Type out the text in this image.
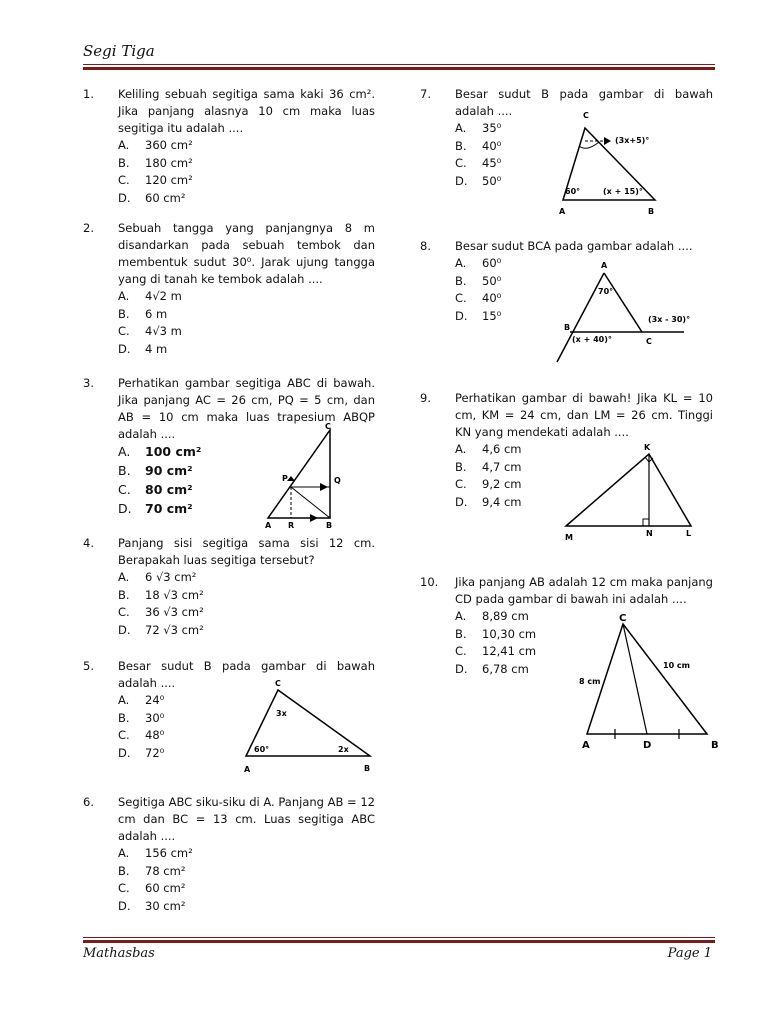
Segi Tiga
1. Keliling sebuah segitiga sama kaki 36 cm². Jika panjang alasnya 10 cm maka luas segitiga itu adalah ....
A. 360 cm²
B. 180 cm²
C. 120 cm²
D. 60 cm²
2. Sebuah tangga yang panjangnya 8 m disandarkan pada sebuah tembok dan membentuk sudut 30⁰. Jarak ujung tangga yang di tanah ke tembok adalah ....
A. 4√2 m
B. 6 m
C. 4√3 m
D. 4 m
3. Perhatikan gambar segitiga ABC di bawah. Jika panjang AC = 26 cm, PQ = 5 cm, dan AB = 10 cm maka luas trapesium ABQP adalah ....
A. 100 cm²
B. 90 cm²
C. 80 cm²
D. 70 cm²
A R	B
C
P	Q
4. Panjang sisi segitiga sama sisi 12 cm. Berapakah luas segitiga tersebut?
A. 6 √3 cm²
B. 18 √3 cm²
C. 36 √3 cm²
D. 72 √3 cm²
5. Besar sudut B pada gambar di bawah adalah ....
A. 24⁰
B. 30⁰
C. 48⁰
D. 72⁰
C
A	B
3x
60°	2x
6. Segitiga ABC siku-siku di A. Panjang AB = 12 cm dan BC = 13 cm. Luas segitiga ABC adalah ....
A. 156 cm²
B. 78 cm²
C. 60 cm²
D. 30 cm²
7. Besar sudut B pada gambar di bawah adalah ....
A. 35⁰
B. 40⁰
C. 45⁰
D. 50⁰
C
A	B
(3x+5)°
60°	(x + 15)°
8. Besar sudut BCA pada gambar adalah ....
A. 60⁰
B. 50⁰
C. 40⁰
D. 15⁰
A
B
C
70°
(x + 40)°
(3x - 30)°
9. Perhatikan gambar di bawah! Jika KL = 10 cm, KM = 24 cm, dan LM = 26 cm. Tinggi KN yang mendekati adalah ....
A. 4,6 cm
B. 4,7 cm
C. 9,2 cm
D. 9,4 cm
K
M	N	L
10. Jika panjang AB adalah 12 cm maka panjang CD pada gambar di bawah ini adalah ....
A. 8,89 cm
B. 10,30 cm
C. 12,41 cm
D. 6,78 cm
C
A	D	B
8 cm
10 cm
Mathasbas	Page 1
